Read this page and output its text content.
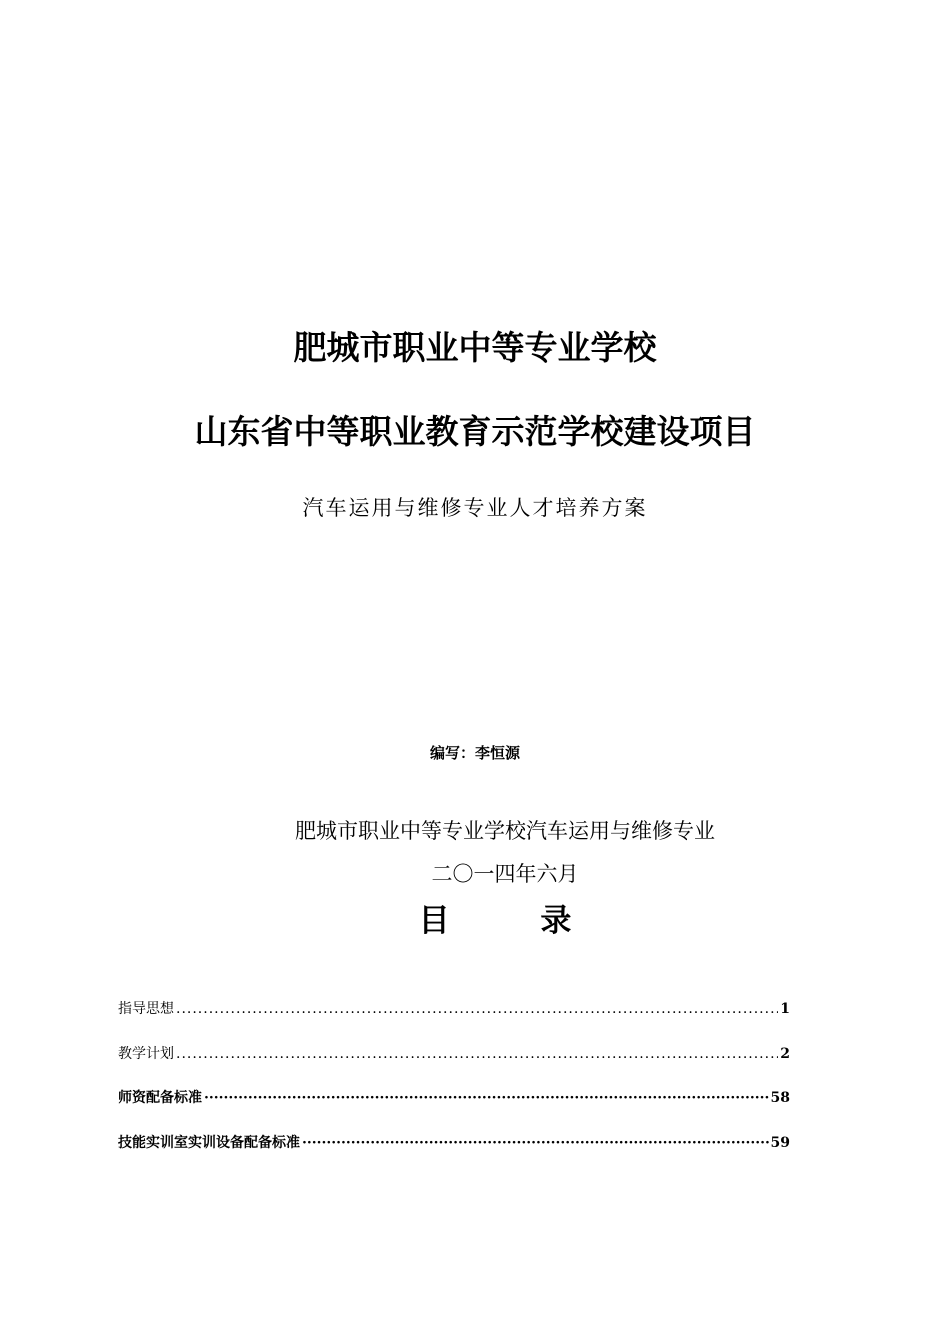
肥城市职业中等专业学校
山东省中等职业教育示范学校建设项目
汽车运用与维修专业人才培养方案
编写：李恒源
肥城市职业中等专业学校汽车运用与维修专业
二〇一四年六月
目 录
指导思想 .....	1
教学计划 .....	2
师资配备标准 ·····	58
技能实训室实训设备配备标准 ·····	59
